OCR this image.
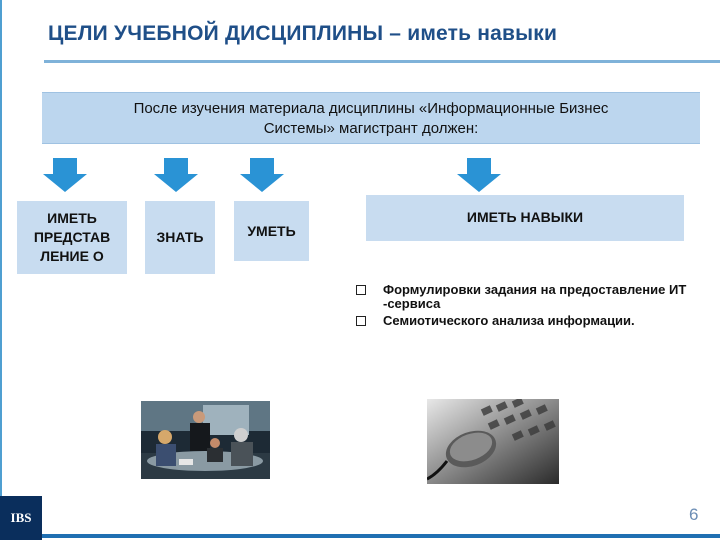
ЦЕЛИ УЧЕБНОЙ ДИСЦИПЛИНЫ – иметь навыки
После изучения материала дисциплины «Информационные Бизнес
Системы» магистрант должен:
ИМЕТЬ
ПРЕДСТАВ
ЛЕНИЕ О
ЗНАТЬ	УМЕТЬ
ИМЕТЬ НАВЫКИ
Формулировки задания на предоставление ИТ
-сервиса
Семиотического анализа информации.
IBS	6
